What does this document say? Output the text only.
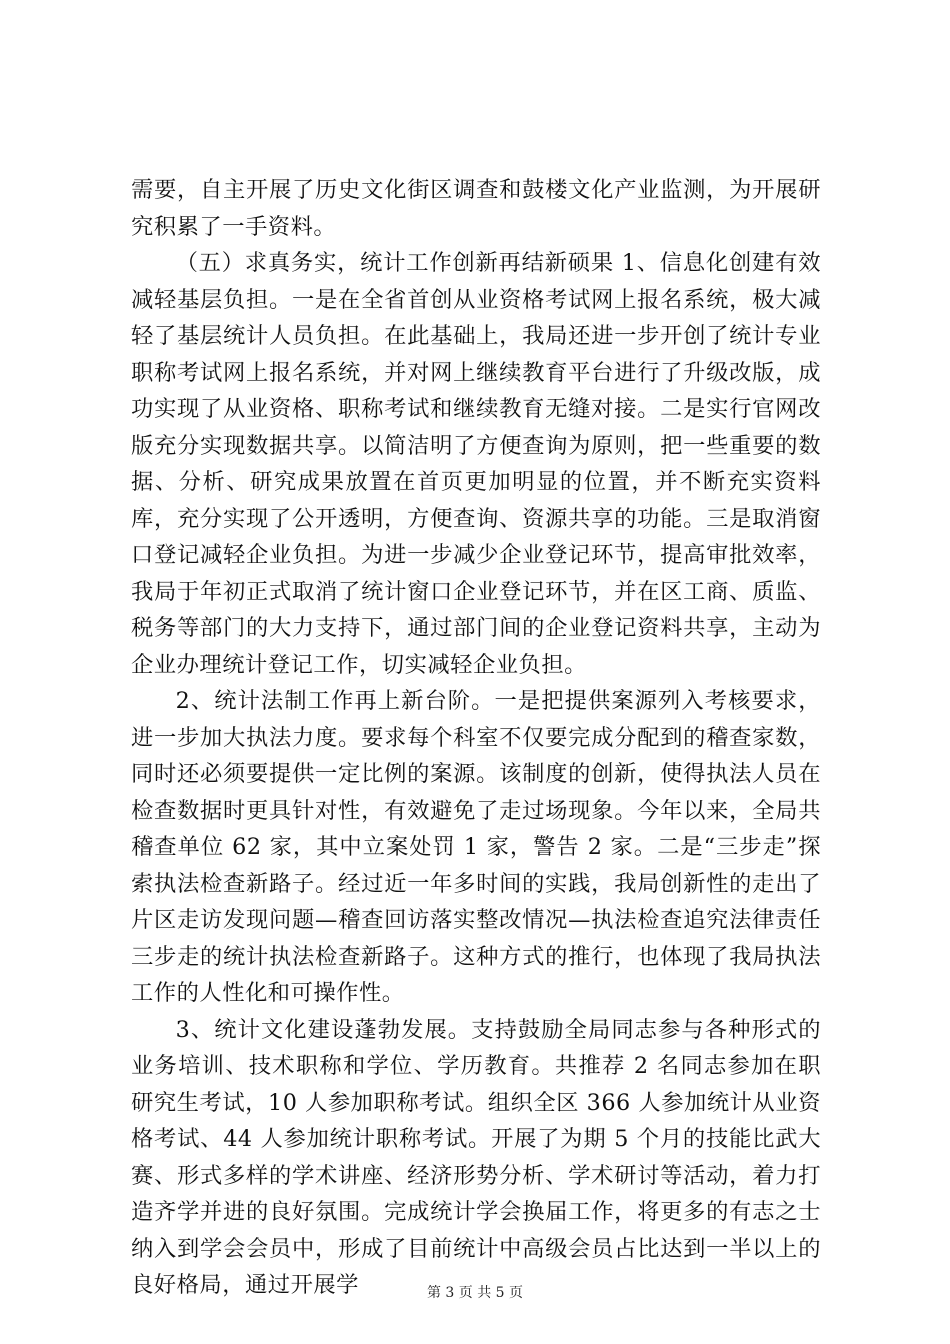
需要，自主开展了历史文化街区调查和鼓楼文化产业监测，为开展研究积累了一手资料。

（五）求真务实，统计工作创新再结新硕果 1、信息化创建有效减轻基层负担。一是在全省首创从业资格考试网上报名系统，极大减轻了基层统计人员负担。在此基础上，我局还进一步开创了统计专业职称考试网上报名系统，并对网上继续教育平台进行了升级改版，成功实现了从业资格、职称考试和继续教育无缝对接。二是实行官网改版充分实现数据共享。以简洁明了方便查询为原则，把一些重要的数据、分析、研究成果放置在首页更加明显的位置，并不断充实资料库，充分实现了公开透明，方便查询、资源共享的功能。三是取消窗口登记减轻企业负担。为进一步减少企业登记环节，提高审批效率，我局于年初正式取消了统计窗口企业登记环节，并在区工商、质监、税务等部门的大力支持下，通过部门间的企业登记资料共享，主动为企业办理统计登记工作，切实减轻企业负担。

2、统计法制工作再上新台阶。一是把提供案源列入考核要求，进一步加大执法力度。要求每个科室不仅要完成分配到的稽查家数，同时还必须要提供一定比例的案源。该制度的创新，使得执法人员在检查数据时更具针对性，有效避免了走过场现象。今年以来，全局共稽查单位 62 家，其中立案处罚 1 家，警告 2 家。二是“三步走”探索执法检查新路子。经过近一年多时间的实践，我局创新性的走出了片区走访发现问题—稽查回访落实整改情况—执法检查追究法律责任三步走的统计执法检查新路子。这种方式的推行，也体现了我局执法工作的人性化和可操作性。

3、统计文化建设蓬勃发展。支持鼓励全局同志参与各种形式的业务培训、技术职称和学位、学历教育。共推荐 2 名同志参加在职研究生考试，10 人参加职称考试。组织全区 366 人参加统计从业资格考试、44 人参加统计职称考试。开展了为期 5 个月的技能比武大赛、形式多样的学术讲座、经济形势分析、学术研讨等活动，着力打造齐学并进的良好氛围。完成统计学会换届工作，将更多的有志之士纳入到学会会员中，形成了目前统计中高级会员占比达到一半以上的良好格局，通过开展学	第 3 页 共 5 页
